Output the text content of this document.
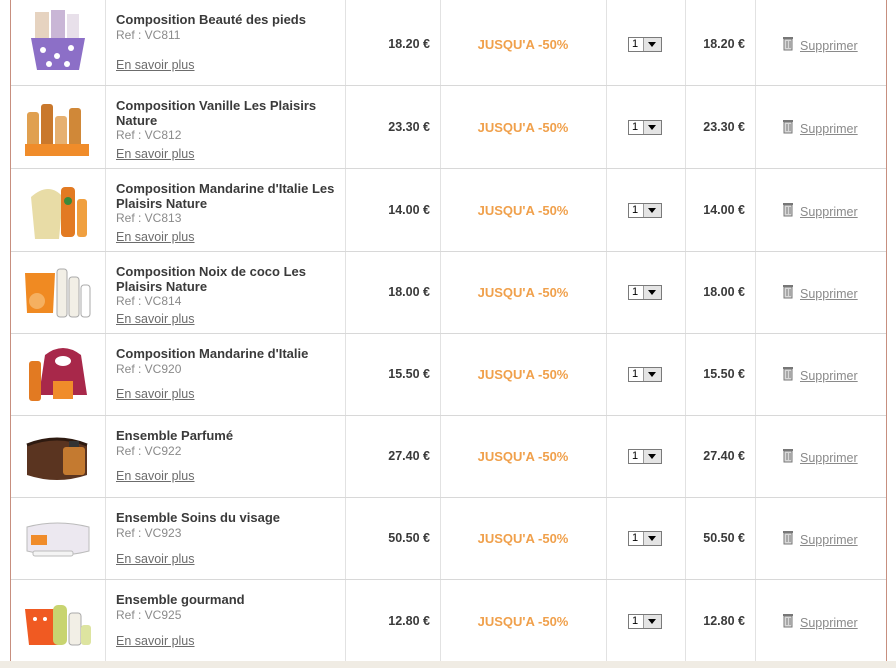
Composition Beauté des pieds
Ref : VC811
En savoir plus
18.20 €	JUSQU'A -50%	1	18.20 €	Supprimer
Composition Vanille Les Plaisirs Nature
Ref : VC812
En savoir plus
23.30 €	JUSQU'A -50%	1	23.30 €	Supprimer
Composition Mandarine d'Italie Les Plaisirs Nature
Ref : VC813
En savoir plus
14.00 €	JUSQU'A -50%	1	14.00 €	Supprimer
Composition Noix de coco Les Plaisirs Nature
Ref : VC814
En savoir plus
18.00 €	JUSQU'A -50%	1	18.00 €	Supprimer
Composition Mandarine d'Italie
Ref : VC920
En savoir plus
15.50 €	JUSQU'A -50%	1	15.50 €	Supprimer
Ensemble Parfumé
Ref : VC922
En savoir plus
27.40 €	JUSQU'A -50%	1	27.40 €	Supprimer
Ensemble Soins du visage
Ref : VC923
En savoir plus
50.50 €	JUSQU'A -50%	1	50.50 €	Supprimer
Ensemble gourmand
Ref : VC925
En savoir plus
12.80 €	JUSQU'A -50%	1	12.80 €	Supprimer
